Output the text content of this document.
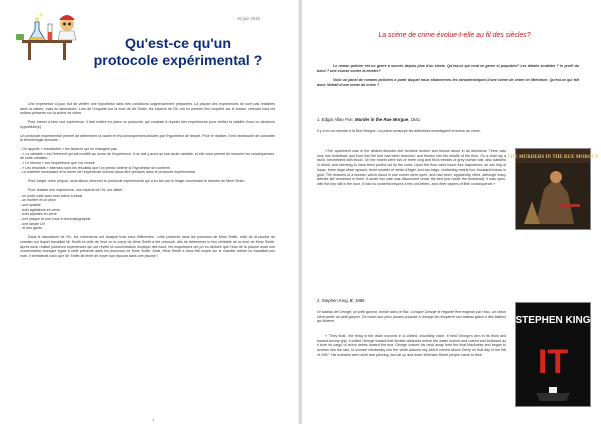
20 juin 2016
Qu'est-ce qu'un protocole expérimental ?

Une expérience a pour but de vérifier une hypothèse dans des conditions soigneusement préparées. La plupart des expériences ne sont pas réalisées dans la nature, mais en laboratoire. Lors de l'enquête sur la mort de Mr Smith, les experts de l'IIL ont en premier lieu enquêté sur le terrain, relevant tous les indices présents sur la scène de crime.

Pour mener à bien une expérience, il faut mettre en place un protocole, qui consiste à répéter des expériences pour vérifier la validité d'une ou plusieurs hypothèse(s).

Un protocole expérimental permet de déterminer la cause et les conséquences induites par l'hypothèse de départ. Pour le réaliser, il est nécessaire de connaître la terminologie suivante :

- On appelle « constantes » les facteurs qui ne changent pas.
- « La variable » est l'élément qui est modifié au cours de l'expérience. Il ne doit y avoir qu'une seule variable, et elle vous permet de mesurer les conséquences de cette variation.
- « Le témoin » est l'expérience que l'on choisit.
- « Les résultats » attendus sont les résultats que l'on pense obtenir si l'hypothèse se confirme.
- Le matériel nécessaire et la durée de l'expérience doivent aussi être précisés dans le protocole expérimental.

Pour étayer notre propos, nous allons observer le protocole expérimental qui a eu lieu sur le tirage concernant le meurtre de Mme Smith.

Pour réaliser leur expérience, nos experts de l'IIL ont utilisé :

- un porte-tube avec tous tubes à essai
- un mortier et un pilon
- une spatule
- trois agitateurs en verre
- trois pipettes en verre
- une plaque et une cuve à chromatographie
- une lampe UV
- et des gants.

Dans le laboratoire de l'IIL, les chercheurs ont analysé trois eaux différentes : celle présente dans les poumons de Mme Smith, celle de la piscine du chantier sur lequel travaillait Mr Smith et celle de l'eve où le corps de Mme Smith a été retrouvé, afin de déterminer le lieu véritable de la mort de Mme Smith. Après avoir réalisé plusieurs expériences qui ont révélé la concentration iconique des eaux, les enquêteurs ont pu en déduire que l'eau de la piscine avait une concentration iconique égale à celle présente dans les poumons de Mme Smith. Ainsi, Mme Smith a donc été noyée sur le chantier même où travaillait son mari. Il semblerait donc que Mr Smith ait tenté de noyer son épouse dans une piscine !

1
La scène de crime évolue-t-elle au fil des siècles?

Le roman policier est un genre à succès depuis plus d'un siècle. Qu'est-ce qui rend ce genre si populaire? Les détails sordides ? le profil du tueur ? une course contre la montre?

Voici un panel de romans policiers à partir duquel nous élaborerons les caractéristiques d'une scène de crime en littérature. Qu'est-ce qui fait donc l'attrait d'une scène de crime ?

1. Edgar Allan Poe, Murder in the Rue Morgue, 1841
Il y a eu un meurtre à la Rue Morgue. La police sensurpe les détectives investiguent la scène du crime.
«The apartment was in the wildest disorder–the furniture broken and thrown about in all directions. There was only one bedstead; and from this the bed had been removed, and thrown into the middle of the floor. On a chair lay a razor, besmeared with blood. On the hearth were two or three long and thick tresses of grey human hair, also dabbled in blood, and seeming to have been pulled out by the roots. Upon the floor were found four Napoleons, an ear-ring of topaz, three large silver spoons, three smaller of métal d'Alger, and two bags, containing nearly four thousand francs in gold. The drawers of a bureau, which stood in one corner were open, and had been, apparently, rifled, although many articles still remained in them. A small iron safe was discovered under the bed (not under the bedstead). It was open, with the key still in the door. It had no contents beyond a few old letters, and other papers of little consequence.»
THE MURDERS IN THE RUE MORGUE
2. Stephen King, It, 1986
Le bateau de George, un petit garçon, tombe dans le flac. Lorsque George le regarde être englouti par l'eau, un clown vient parler au petit garçon. Ce clown aux yeux jaunes propose à George de récupérer son bateau grâce à des ballons qui flottent.
« 'They float,' the thing in the drain crooned in a clotted, chuckling voice. It held George's arm in its thick and toward-wormy grip, it pulled George toward that terrible darkness where the water rushed and roared and bellowed as it bore its cargo of storm debris toward the sea. George craned his neck away from the final blackness and began to scream into the rain, to scream mindlessly into the white autumn sky which curved above Derry on that day in the fall of 1957. His screams were shrill and piercing, and all up and down Witcham Street people came to their
STEPHEN KING
IT
